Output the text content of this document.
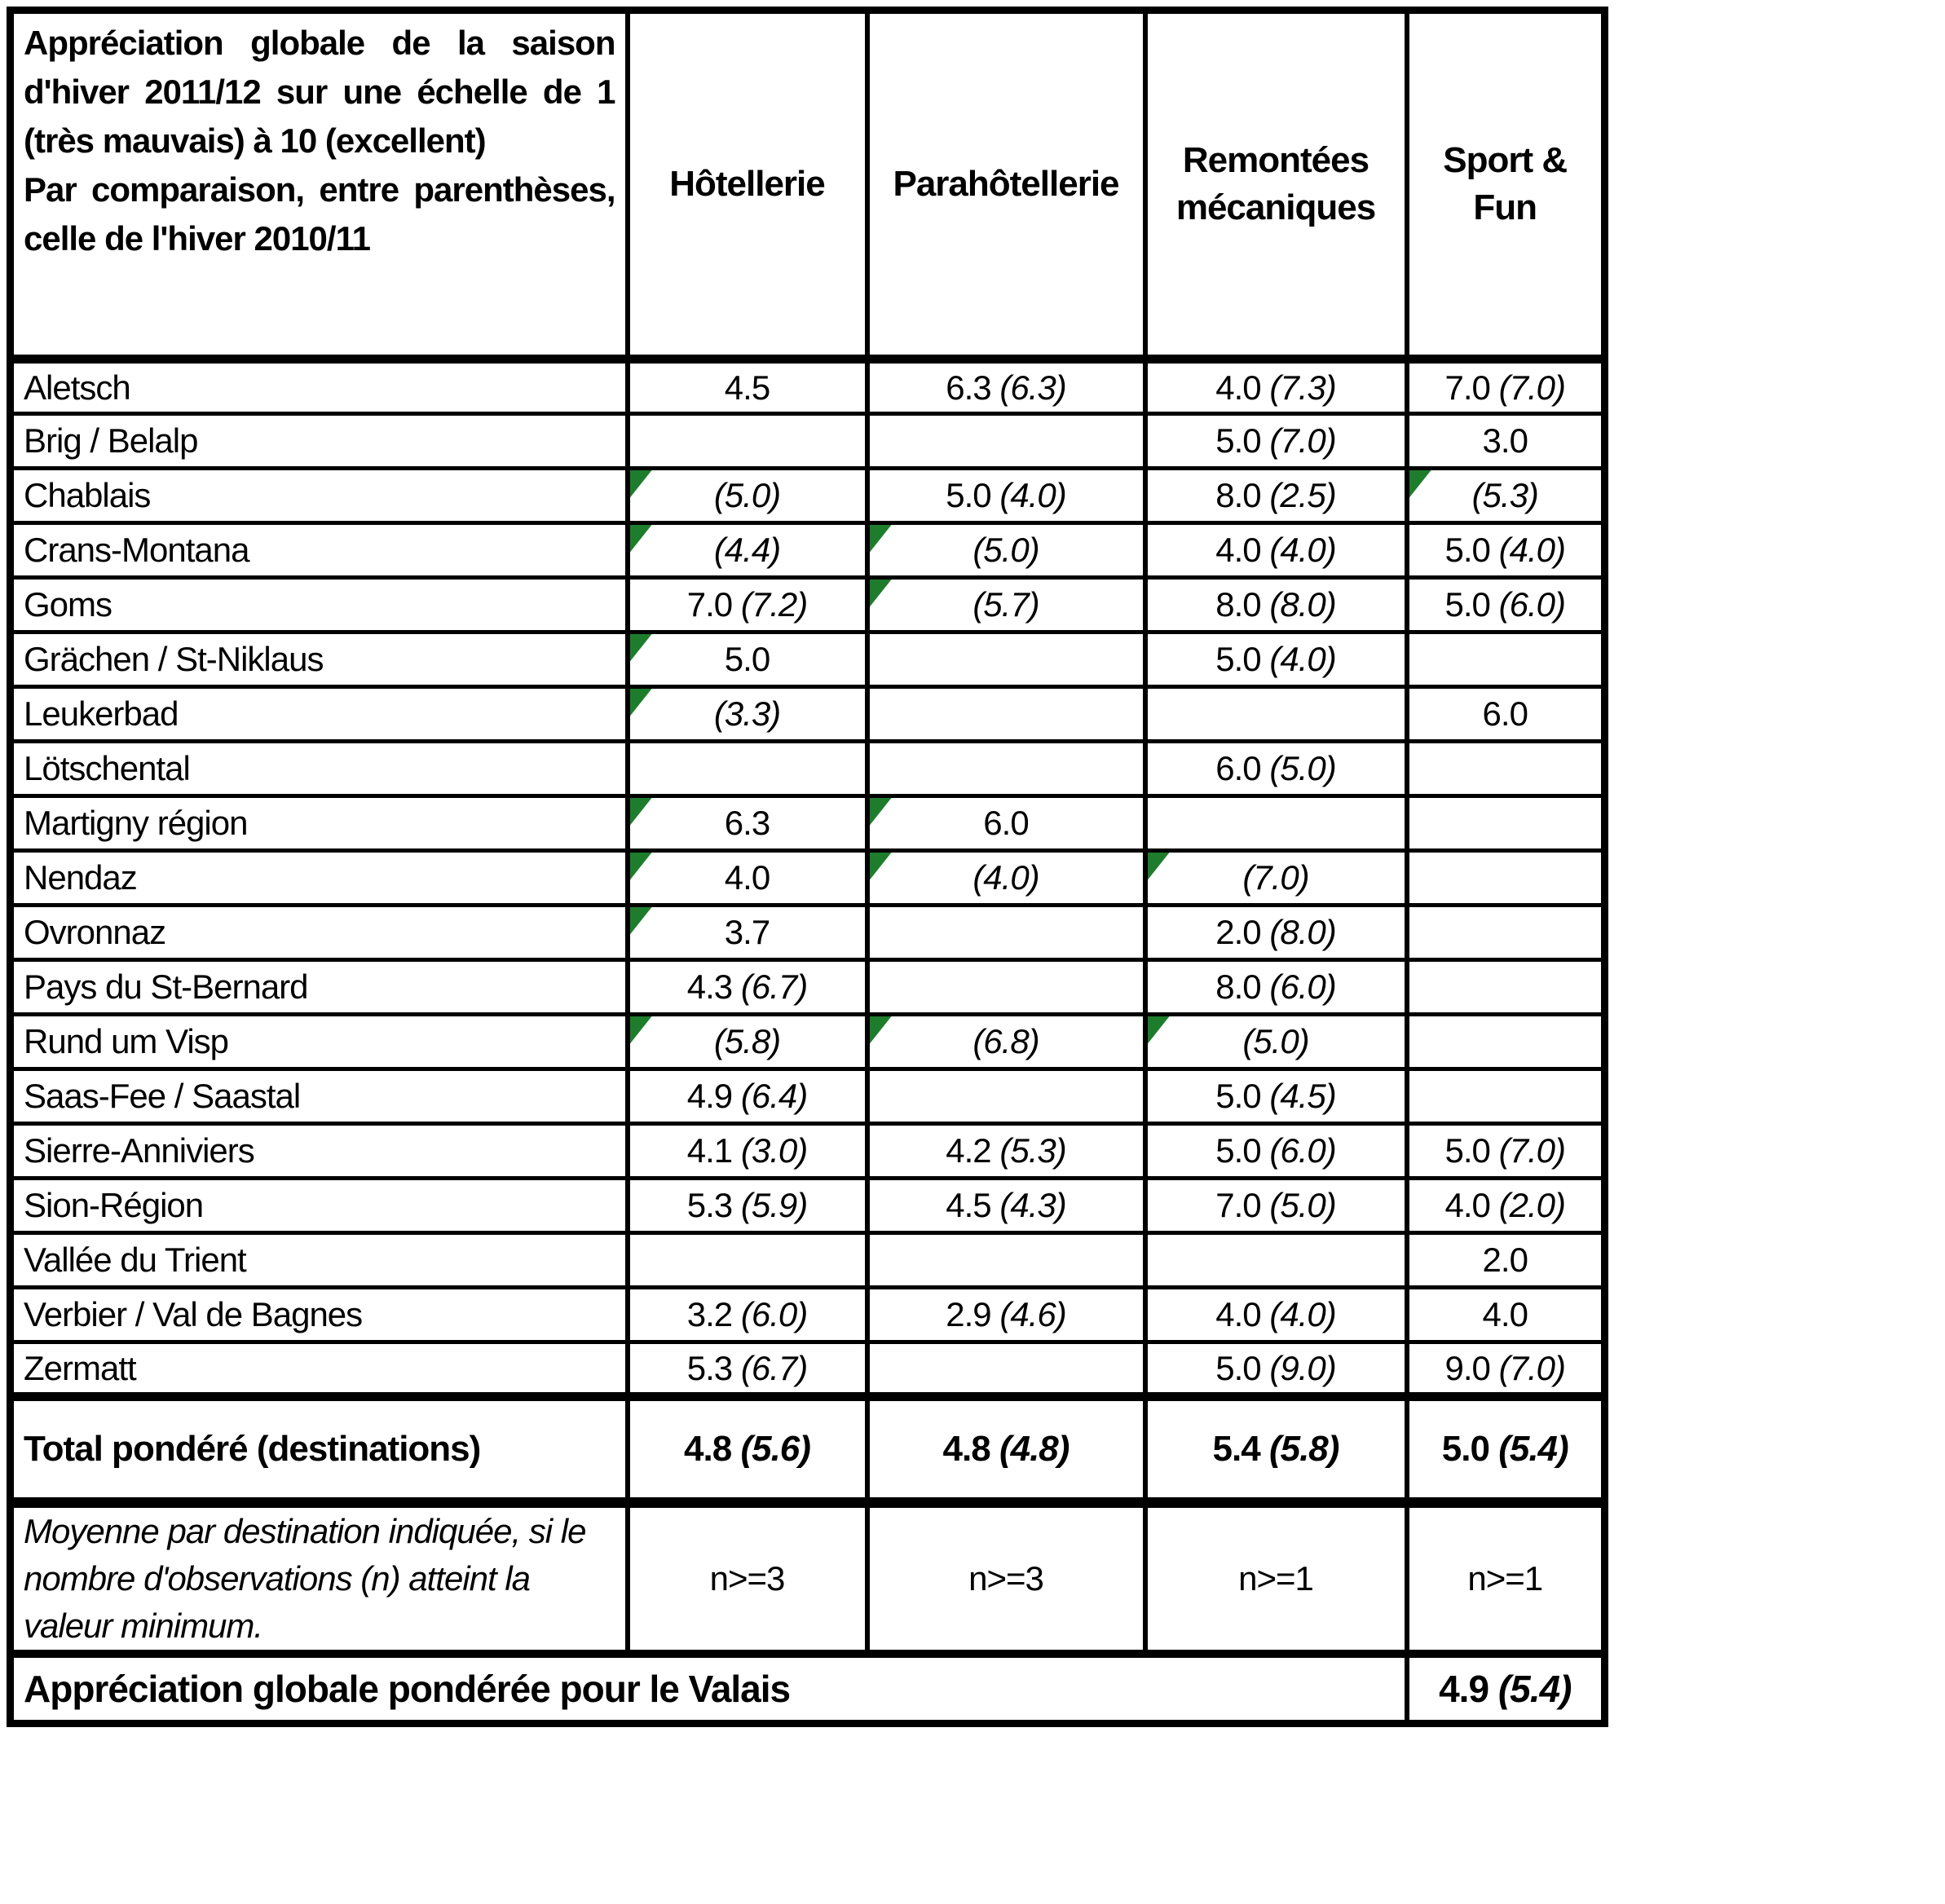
Appréciation globale de la saison d'hiver 2011/12 sur une échelle de 1 (très mauvais) à 10 (excellent)

Par comparaison, entre parenthèses, celle de l'hiver 2010/11	Hôtellerie	Parahôtellerie	Remontées mécaniques	Sport & Fun
Aletsch	4.5	6.3 (6.3)	4.0 (7.3)	7.0 (7.0)
Brig / Belalp			5.0 (7.0)	3.0
Chablais	(5.0)	5.0 (4.0)	8.0 (2.5)	(5.3)
Crans-Montana	(4.4)	(5.0)	4.0 (4.0)	5.0 (4.0)
Goms	7.0 (7.2)	(5.7)	8.0 (8.0)	5.0 (6.0)
Grächen / St-Niklaus	5.0		5.0 (4.0)	
Leukerbad	(3.3)			6.0
Lötschental			6.0 (5.0)	
Martigny région	6.3	6.0		
Nendaz	4.0	(4.0)	(7.0)	
Ovronnaz	3.7		2.0 (8.0)	
Pays du St-Bernard	4.3 (6.7)		8.0 (6.0)	
Rund um Visp	(5.8)	(6.8)	(5.0)	
Saas-Fee / Saastal	4.9 (6.4)		5.0 (4.5)	
Sierre-Anniviers	4.1 (3.0)	4.2 (5.3)	5.0 (6.0)	5.0 (7.0)
Sion-Région	5.3 (5.9)	4.5 (4.3)	7.0 (5.0)	4.0 (2.0)
Vallée du Trient				2.0
Verbier / Val de Bagnes	3.2 (6.0)	2.9 (4.6)	4.0 (4.0)	4.0
Zermatt	5.3 (6.7)		5.0 (9.0)	9.0 (7.0)
Total pondéré (destinations)	4.8 (5.6)	4.8 (4.8)	5.4 (5.8)	5.0 (5.4)
Moyenne par destination indiquée, si le nombre d'observations (n) atteint la valeur minimum.	n>=3	n>=3	n>=1	n>=1
Appréciation globale pondérée pour le Valais				4.9 (5.4)
